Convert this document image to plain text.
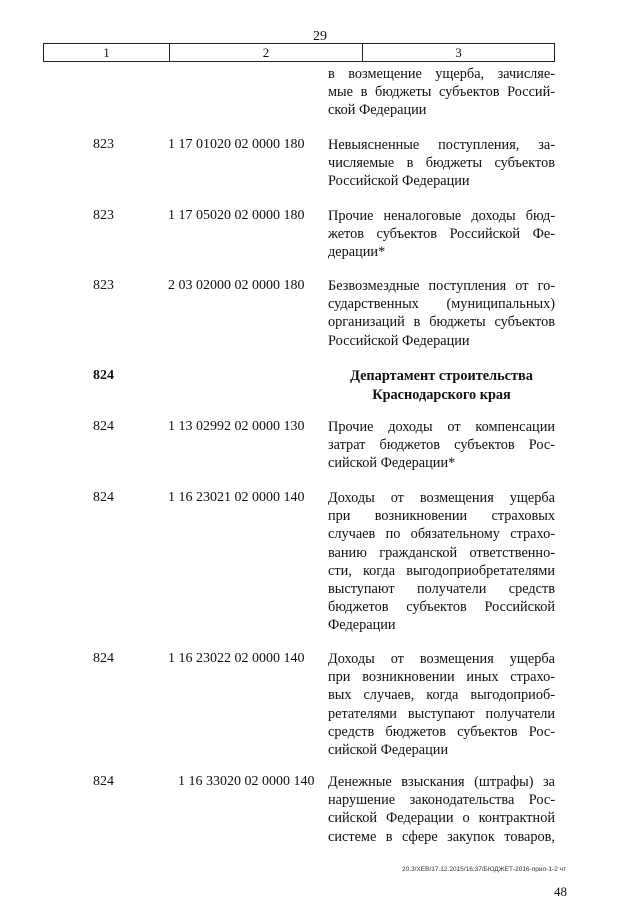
29
1	2	3
в возмещение ущерба, зачисляе-
мые в бюджеты субъектов Россий-
ской Федерации
823	1 17 01020 02 0000 180	Невыясненные поступления, за-
числяемые в бюджеты субъектов
Российской Федерации
823	1 17 05020 02 0000 180	Прочие неналоговые доходы бюд-
жетов субъектов Российской Фе-
дерации*
823	2 03 02000 02 0000 180	Безвозмездные поступления от го-
сударственных (муниципальных)
организаций в бюджеты субъектов
Российской Федерации
824	Департамент строительства
Краснодарского края
824	1 13 02992 02 0000 130	Прочие доходы от компенсации
затрат бюджетов субъектов Рос-
сийской Федерации*
824	1 16 23021 02 0000 140	Доходы от возмещения ущерба
при возникновении страховых
случаев по обязательному страхо-
ванию гражданской ответственно-
сти, когда выгодоприобретателями
выступают получатели средств
бюджетов субъектов Российской
Федерации
824	1 16 23022 02 0000 140	Доходы от возмещения ущерба
при возникновении иных страхо-
вых случаев, когда выгодоприоб-
ретателями выступают получатели
средств бюджетов субъектов Рос-
сийской Федерации
824	1 16 33020 02 0000 140 Денежные взыскания (штрафы) за
нарушение законодательства Рос-
сийской Федерации о контрактной
системе в сфере закупок товаров,
20.3/XEB/17.12.2015/16:37/БЮДЖЕТ-2016-прил-1-2 чт
48
